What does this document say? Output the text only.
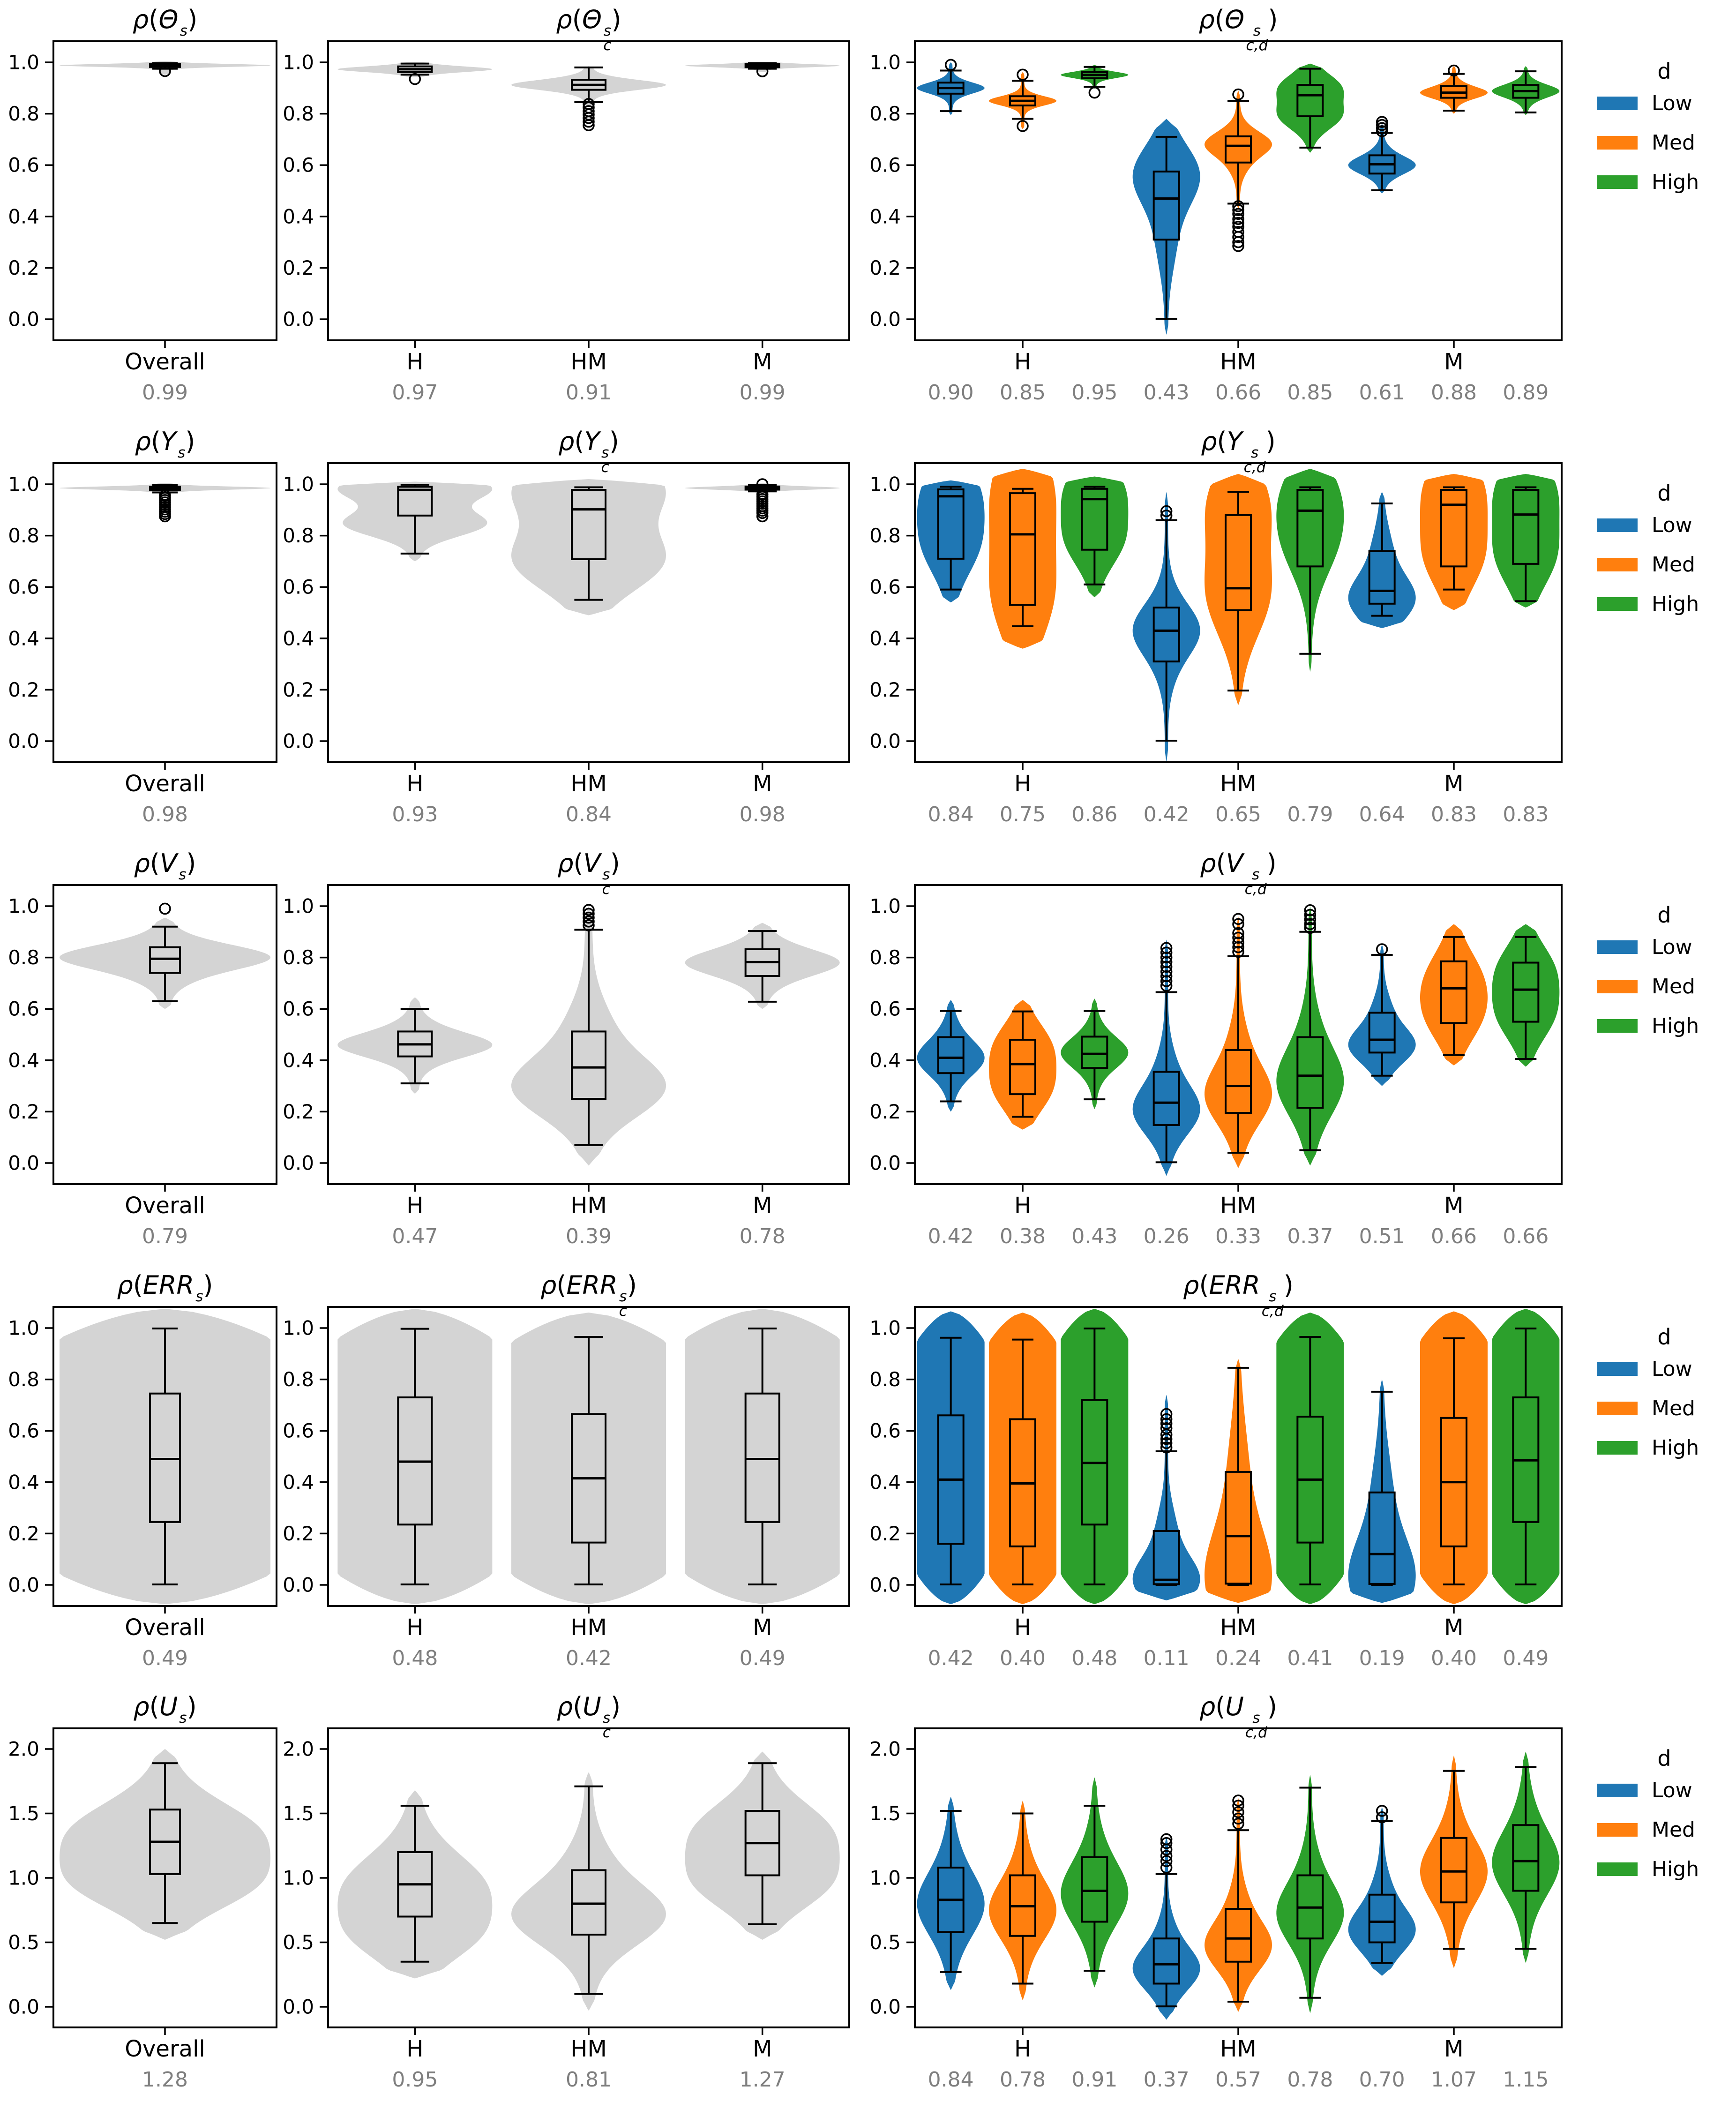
0.0
0.2
0.4
0.6
0.8
1.0
Overall
0.99
0.0
0.2
0.4
0.6
0.8
1.0
H	HM	M
0.97	0.91	0.99
0.0
0.2
0.4
0.6
0.8
1.0
H	HM	M
0.90 0.85 0.95 0.43 0.66 0.85 0.61 0.88 0.89
0.0
0.2
0.4
0.6
0.8
1.0
Overall
0.98
0.0
0.2
0.4
0.6
0.8
1.0
H	HM	M
0.93	0.84	0.98
0.0
0.2
0.4
0.6
0.8
1.0
H	HM	M
0.84 0.75 0.86 0.42 0.65 0.79 0.64 0.83 0.83
0.0
0.2
0.4
0.6
0.8
1.0
Overall
0.79
0.0
0.2
0.4
0.6
0.8
1.0
H	HM	M
0.47	0.39	0.78
0.0
0.2
0.4
0.6
0.8
1.0
H	HM	M
0.42 0.38 0.43 0.26 0.33 0.37 0.51 0.66 0.66
0.0
0.2
0.4
0.6
0.8
1.0
Overall
0.49
0.0
0.2
0.4
0.6
0.8
1.0
H	HM	M
0.48	0.42	0.49
0.0
0.2
0.4
0.6
0.8
1.0
H	HM	M
0.42 0.40 0.48 0.11 0.24 0.41 0.19 0.40 0.49
0.0
0.5
1.0
1.5
2.0
Overall
1.28
0.0
0.5
1.0
1.5
2.0
H	HM	M
0.95	0.81	1.27
0.0
0.5
1.0
1.5
2.0
H	HM	M
0.84 0.78 0.91 0.37 0.57 0.78 0.70 1.07 1.15
ρ(Θ s )	ρ(Θ s
c
)	ρ(Θ s
c,d
)
ρ(Y s )	ρ(Y s
c
)	ρ(Y s
c,d
)
ρ(V s )	ρ(V s
c
)	ρ(V s
c,d
)
ρ(ERR s )	ρ(ERR s
c
)	ρ(ERR s
c,d
)
ρ(U s )	ρ(U s
c
)	ρ(U s
c,d
)
d
Low
Med
High
d
Low
Med
High
d
Low
Med
High
d
Low
Med
High
d
Low
Med
High
